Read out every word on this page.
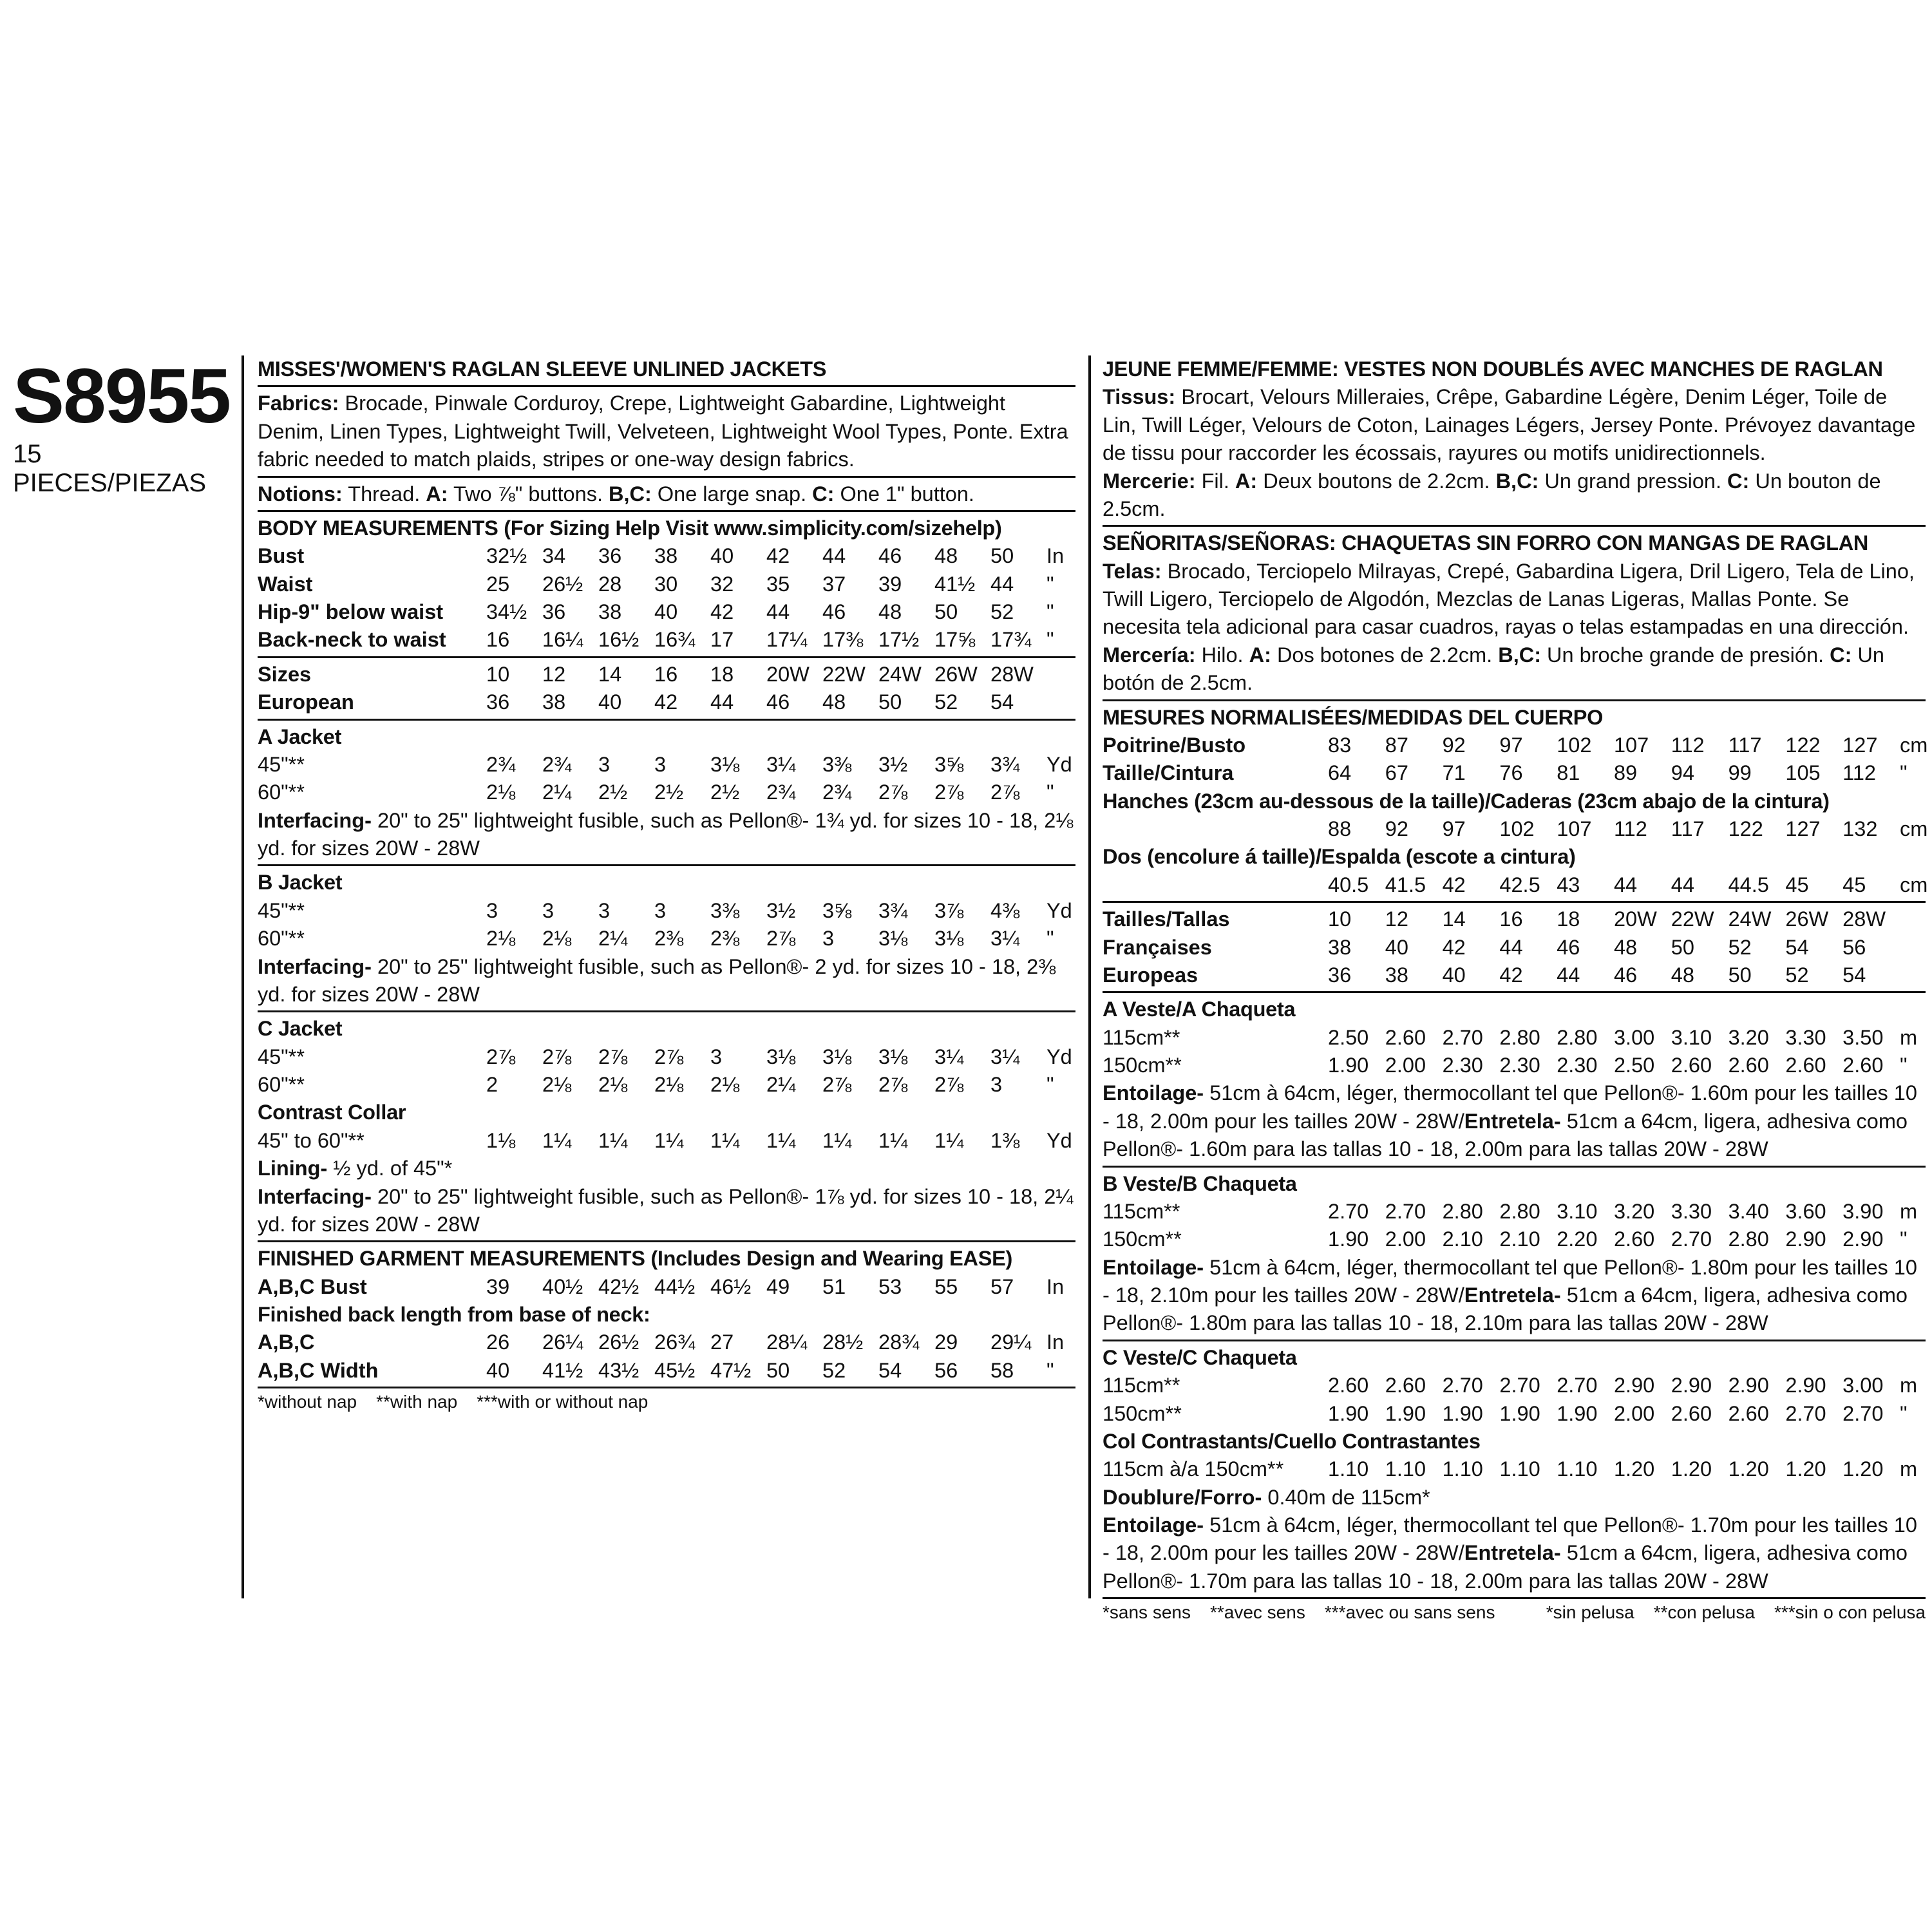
S8955
15 PIECES/PIEZAS
MISSES'/WOMEN'S RAGLAN SLEEVE UNLINED JACKETS
Fabrics: Brocade, Pinwale Corduroy, Crepe, Lightweight Gabardine, Lightweight Denim, Linen Types, Lightweight Twill, Velveteen, Lightweight Wool Types, Ponte. Extra fabric needed to match plaids, stripes or one-way design fabrics.
Notions: Thread. A: Two ⅞" buttons. B,C: One large snap. C: One 1" button.
BODY MEASUREMENTS (For Sizing Help Visit www.simplicity.com/sizehelp)
Bust	32½	34	36	38	40	42	44	46	48	50	In
Waist	25	26½	28	30	32	35	37	39	41½	44	"
Hip-9" below waist	34½	36	38	40	42	44	46	48	50	52	"
Back-neck to waist	16	16¼	16½	16¾	17	17¼	17⅜	17½	17⅝	17¾	"
Sizes	10	12	14	16	18	20W	22W	24W	26W	28W	
European	36	38	40	42	44	46	48	50	52	54	
A Jacket
45"**	2¾	2¾	3	3	3⅛	3¼	3⅜	3½	3⅝	3¾	Yd
60"**	2⅛	2¼	2½	2½	2½	2¾	2¾	2⅞	2⅞	2⅞	"
Interfacing- 20" to 25" lightweight fusible, such as Pellon®- 1¾ yd. for sizes 10 - 18, 2⅛ yd. for sizes 20W - 28W
B Jacket
45"**	3	3	3	3	3⅜	3½	3⅝	3¾	3⅞	4⅜	Yd
60"**	2⅛	2⅛	2¼	2⅜	2⅜	2⅞	3	3⅛	3⅛	3¼	"
Interfacing- 20" to 25" lightweight fusible, such as Pellon®- 2 yd. for sizes 10 - 18, 2⅜ yd. for sizes 20W - 28W
C Jacket
45"**	2⅞	2⅞	2⅞	2⅞	3	3⅛	3⅛	3⅛	3¼	3¼	Yd
60"**	2	2⅛	2⅛	2⅛	2⅛	2¼	2⅞	2⅞	2⅞	3	"
Contrast Collar
45" to 60"**	1⅛	1¼	1¼	1¼	1¼	1¼	1¼	1¼	1¼	1⅜	Yd
Lining- ½ yd. of 45"*
Interfacing- 20" to 25" lightweight fusible, such as Pellon®- 1⅞ yd. for sizes 10 - 18, 2¼ yd. for sizes 20W - 28W
FINISHED GARMENT MEASUREMENTS (Includes Design and Wearing EASE)
A,B,C Bust	39	40½	42½	44½	46½	49	51	53	55	57	In
Finished back length from base of neck:
A,B,C	26	26¼	26½	26¾	27	28¼	28½	28¾	29	29¼	In
A,B,C Width	40	41½	43½	45½	47½	50	52	54	56	58	"
*without nap **with nap ***with or without nap
JEUNE FEMME/FEMME: VESTES NON DOUBLÉS AVEC MANCHES DE RAGLAN
Tissus: Brocart, Velours Milleraies, Crêpe, Gabardine Légère, Denim Léger, Toile de Lin, Twill Léger, Velours de Coton, Lainages Légers, Jersey Ponte. Prévoyez davantage de tissu pour raccorder les écossais, rayures ou motifs unidirectionnels.
Mercerie: Fil. A: Deux boutons de 2.2cm. B,C: Un grand pression. C: Un bouton de 2.5cm.
SEÑORITAS/SEÑORAS: CHAQUETAS SIN FORRO CON MANGAS DE RAGLAN
Telas: Brocado, Terciopelo Milrayas, Crepé, Gabardina Ligera, Dril Ligero, Tela de Lino, Twill Ligero, Terciopelo de Algodón, Mezclas de Lanas Ligeras, Mallas Ponte. Se necesita tela adicional para casar cuadros, rayas o telas estampadas en una dirección.
Mercería: Hilo. A: Dos botones de 2.2cm. B,C: Un broche grande de presión. C: Un botón de 2.5cm.
MESURES NORMALISÉES/MEDIDAS DEL CUERPO
Poitrine/Busto	83	87	92	97	102	107	112	117	122	127	cm
Taille/Cintura	64	67	71	76	81	89	94	99	105	112	"
Hanches (23cm au-dessous de la taille)/Caderas (23cm abajo de la cintura)
	88	92	97	102	107	112	117	122	127	132	cm
Dos (encolure á taille)/Espalda (escote a cintura)
	40.5	41.5	42	42.5	43	44	44	44.5	45	45	cm
Tailles/Tallas	10	12	14	16	18	20W	22W	24W	26W	28W	
Françaises	38	40	42	44	46	48	50	52	54	56	
Europeas	36	38	40	42	44	46	48	50	52	54	
A Veste/A Chaqueta
115cm**	2.50	2.60	2.70	2.80	2.80	3.00	3.10	3.20	3.30	3.50	m
150cm**	1.90	2.00	2.30	2.30	2.30	2.50	2.60	2.60	2.60	2.60	"
Entoilage- 51cm à 64cm, léger, thermocollant tel que Pellon®- 1.60m pour les tailles 10 - 18, 2.00m pour les tailles 20W - 28W/Entretela- 51cm a 64cm, ligera, adhesiva como Pellon®- 1.60m para las tallas 10 - 18, 2.00m para las tallas 20W - 28W
B Veste/B Chaqueta
115cm**	2.70	2.70	2.80	2.80	3.10	3.20	3.30	3.40	3.60	3.90	m
150cm**	1.90	2.00	2.10	2.10	2.20	2.60	2.70	2.80	2.90	2.90	"
Entoilage- 51cm à 64cm, léger, thermocollant tel que Pellon®- 1.80m pour les tailles 10 - 18, 2.10m pour les tailles 20W - 28W/Entretela- 51cm a 64cm, ligera, adhesiva como Pellon®- 1.80m para las tallas 10 - 18, 2.10m para las tallas 20W - 28W
C Veste/C Chaqueta
115cm**	2.60	2.60	2.70	2.70	2.70	2.90	2.90	2.90	2.90	3.00	m
150cm**	1.90	1.90	1.90	1.90	1.90	2.00	2.60	2.60	2.70	2.70	"
Col Contrastants/Cuello Contrastantes
115cm à/a 150cm**	1.10	1.10	1.10	1.10	1.10	1.20	1.20	1.20	1.20	1.20	m
Doublure/Forro- 0.40m de 115cm*
Entoilage- 51cm à 64cm, léger, thermocollant tel que Pellon®- 1.70m pour les tailles 10 - 18, 2.00m pour les tailles 20W - 28W/Entretela- 51cm a 64cm, ligera, adhesiva como Pellon®- 1.70m para las tallas 10 - 18, 2.00m para las tallas 20W - 28W
*sans sens **avec sens ***avec ou sans sens	*sin pelusa **con pelusa ***sin o con pelusa
